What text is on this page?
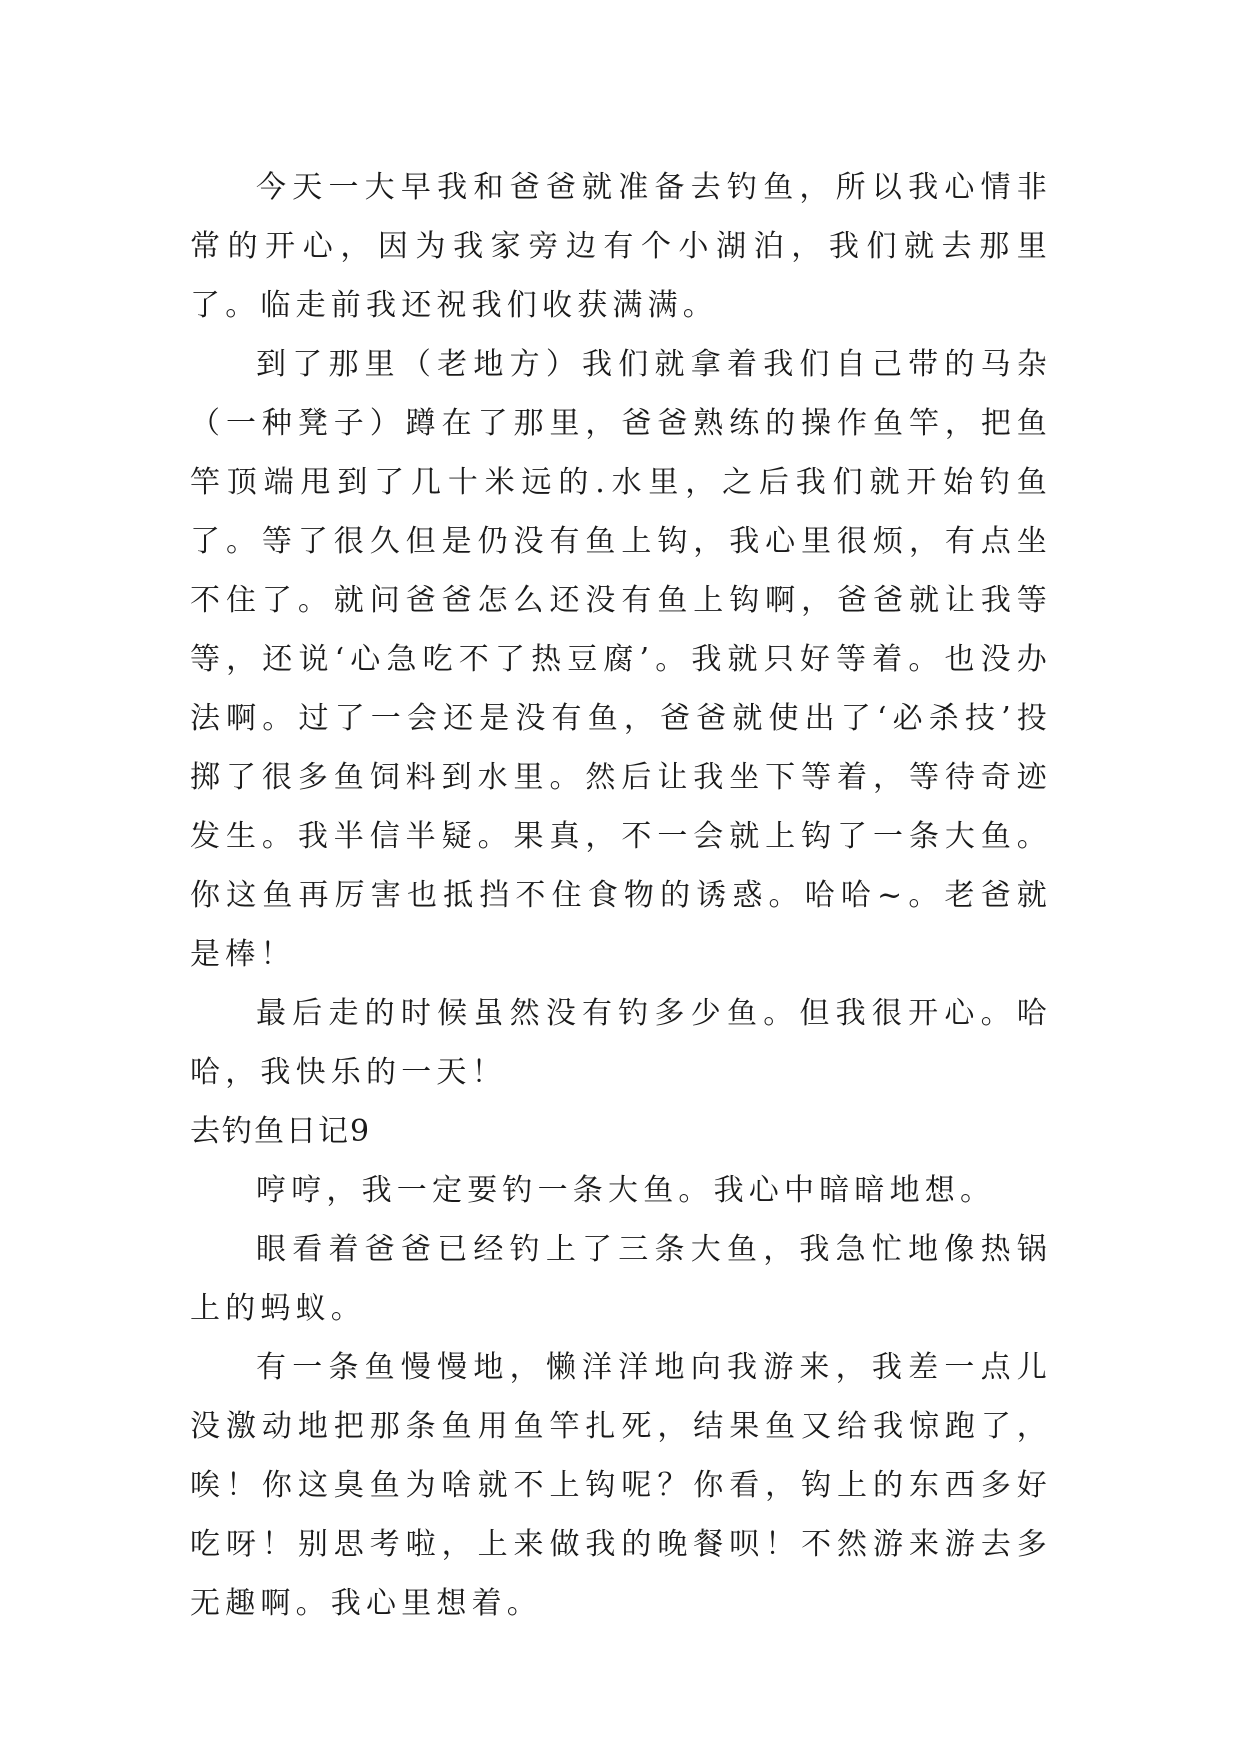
今天一大早我和爸爸就准备去钓鱼，所以我心情非常的开心，因为我家旁边有个小湖泊，我们就去那里了。临走前我还祝我们收获满满。

到了那里（老地方）我们就拿着我们自己带的马杂（一种凳子）蹲在了那里，爸爸熟练的操作鱼竿，把鱼竿顶端甩到了几十米远的.水里，之后我们就开始钓鱼了。等了很久但是仍没有鱼上钩，我心里很烦，有点坐不住了。就问爸爸怎么还没有鱼上钩啊，爸爸就让我等等，还说‘心急吃不了热豆腐’。我就只好等着。也没办法啊。过了一会还是没有鱼，爸爸就使出了‘必杀技’投掷了很多鱼饲料到水里。然后让我坐下等着，等待奇迹发生。我半信半疑。果真，不一会就上钩了一条大鱼。你这鱼再厉害也抵挡不住食物的诱惑。哈哈~。老爸就是棒！

最后走的时候虽然没有钓多少鱼。但我很开心。哈哈，我快乐的一天！

去钓鱼日记9

哼哼，我一定要钓一条大鱼。我心中暗暗地想。

眼看着爸爸已经钓上了三条大鱼，我急忙地像热锅上的蚂蚁。

有一条鱼慢慢地，懒洋洋地向我游来，我差一点儿没激动地把那条鱼用鱼竿扎死，结果鱼又给我惊跑了，唉！你这臭鱼为啥就不上钩呢？你看，钩上的东西多好吃呀！别思考啦，上来做我的晚餐呗！不然游来游去多无趣啊。我心里想着。
